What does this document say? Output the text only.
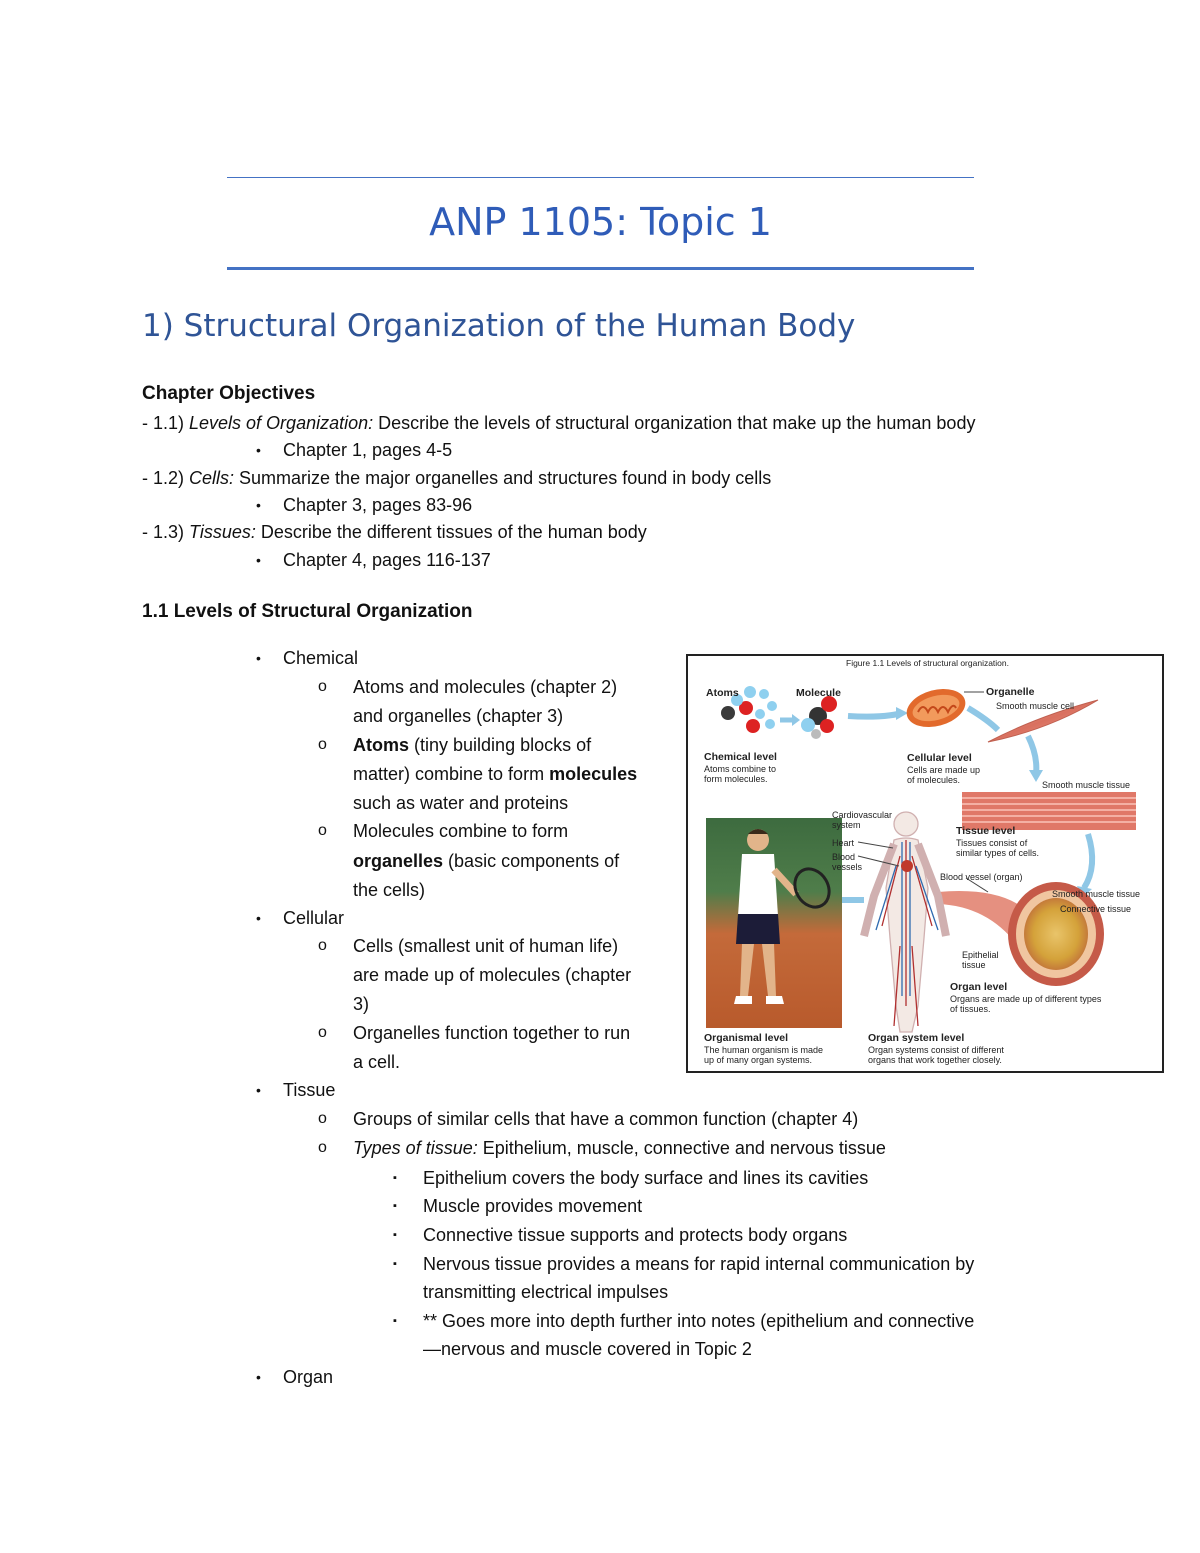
ANP 1105: Topic 1
1) Structural Organization of the Human Body
Chapter Objectives
- 1.1) Levels of Organization: Describe the levels of structural organization that make up the human body
• Chapter 1, pages 4-5
- 1.2) Cells: Summarize the major organelles and structures found in body cells
• Chapter 3, pages 83-96
- 1.3) Tissues: Describe the different tissues of the human body
• Chapter 4, pages 116-137
1.1 Levels of Structural Organization
• Chemical
o Atoms and molecules (chapter 2)
and organelles (chapter 3)
o Atoms (tiny building blocks of
matter) combine to form molecules
such as water and proteins
o Molecules combine to form
organelles (basic components of
the cells)
• Cellular
o Cells (smallest unit of human life)
are made up of molecules (chapter
3)
o Organelles function together to run
a cell.
• Tissue
o Groups of similar cells that have a common function (chapter 4)
o Types of tissue: Epithelium, muscle, connective and nervous tissue
▪ Epithelium covers the body surface and lines its cavities
▪ Muscle provides movement
▪ Connective tissue supports and protects body organs
▪ Nervous tissue provides a means for rapid internal communication by
transmitting electrical impulses
▪ ** Goes more into depth further into notes (epithelium and connective
—nervous and muscle covered in Topic 2
• Organ
Figure 1.1 Levels of structural organization.
Atoms	Molecule	Organelle
Smooth muscle cell
Chemical level
Atoms combine to
form molecules.
Cellular level
Cells are made up
of molecules.	Smooth muscle tissue
Cardiovascular
system
Heart
Blood
vessels
Tissue level
Tissues consist of
similar types of cells.
Blood vessel (organ)
Smooth muscle tissue
Connective tissue
Epithelial
tissue
Organ level
Organs are made up of different types
of tissues.
Organismal level
The human organism is made
up of many organ systems.
Organ system level
Organ systems consist of different
organs that work together closely.
